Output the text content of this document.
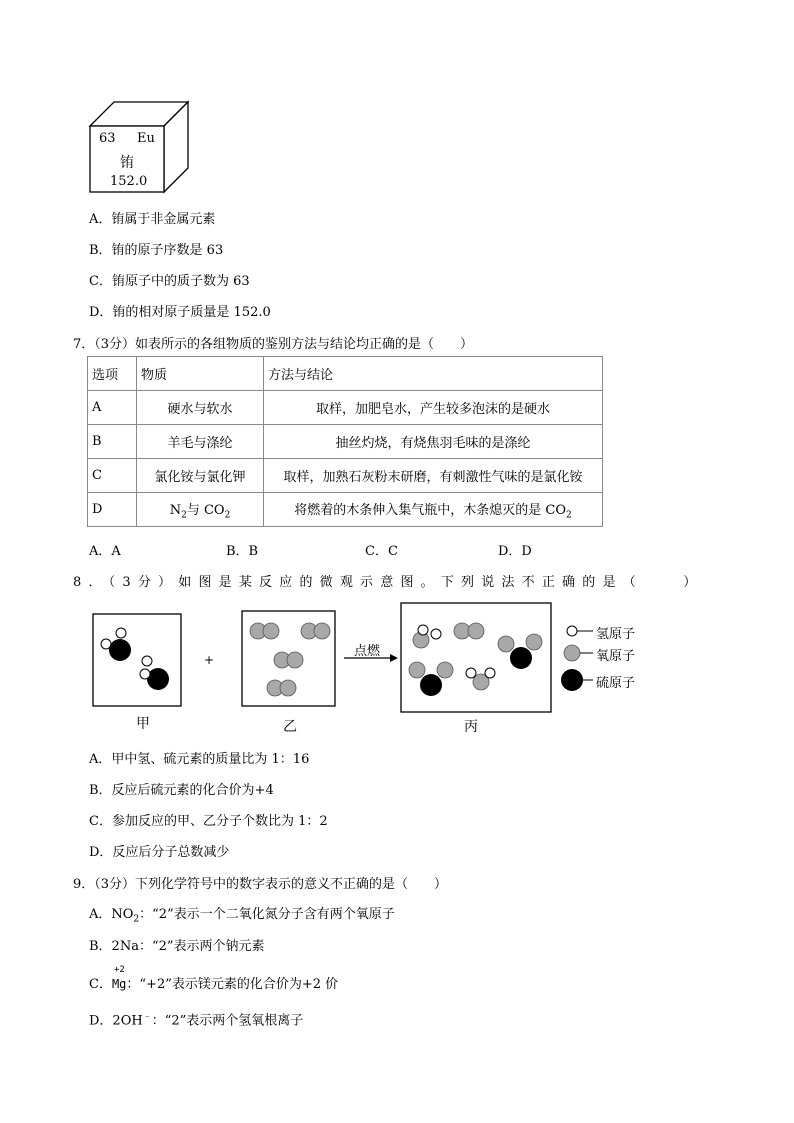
63 Eu
铕
152.0
A．铕属于非金属元素
B．铕的原子序数是 63
C．铕原子中的质子数为 63
D．铕的相对原子质量是 152.0
7．（3分）如表所示的各组物质的鉴别方法与结论均正确的是（　　）
选项	物质	方法与结论
A	硬水与软水	取样，加肥皂水，产生较多泡沫的是硬水
B	羊毛与涤纶	抽丝灼烧，有烧焦羽毛味的是涤纶
C	氯化铵与氯化钾	取样，加熟石灰粉末研磨，有刺激性气味的是氯化铵
D	$N_2$与 $CO_2$	将燃着的木条伸入集气瓶中，木条熄灭的是 $CO_2$
A．A	B．B	C．C	D．D
8．（3分）如图是某反应的微观示意图。下列说法不正确的是（　　）
+
点燃
甲	乙	丙
氢原子
氧原子
硫原子
A．甲中氢、硫元素的质量比为 1：16
B．反应后硫元素的化合价为+4
C．参加反应的甲、乙分子个数比为 1：2
D．反应后分子总数减少
9．（3分）下列化学符号中的数字表示的意义不正确的是（　　）
A．$NO_2$：“2”表示一个二氧化氮分子含有两个氧原子
B．2Na：“2”表示两个钠元素
C．
+2
Mg：“+2”表示镁元素的化合价为+2 价
D．2OH﹣：“2”表示两个氢氧根离子
